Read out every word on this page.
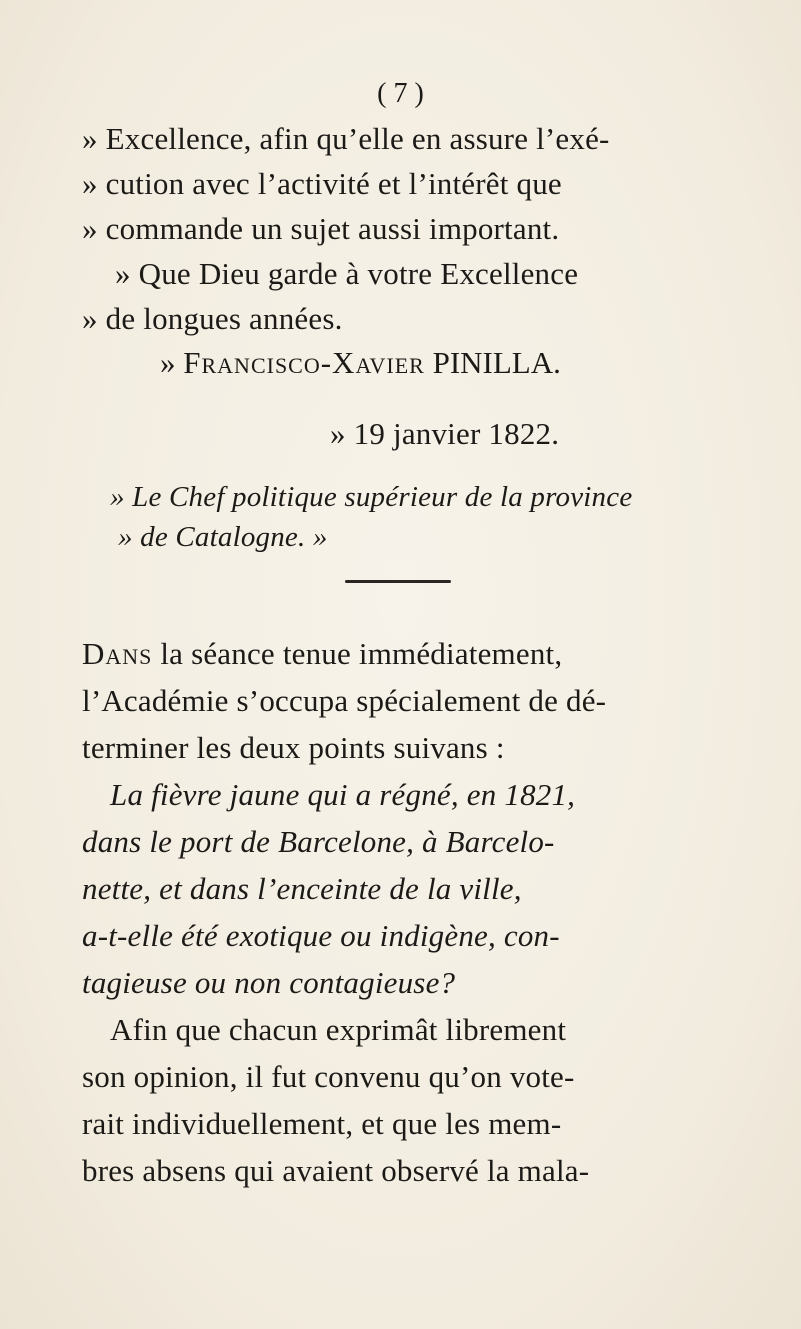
( 7 )
» Excellence, afin qu’elle en assure l’exé-
» cution avec l’activité et l’intérêt que
» commande un sujet aussi important.
» Que Dieu garde à votre Excellence
» de longues années.
» Francisco-Xavier PINILLA.
» 19 janvier 1822.
» Le Chef politique supérieur de la province
» de Catalogne. »
Dans la séance tenue immédiatement,
l’Académie s’occupa spécialement de dé-
terminer les deux points suivans :
La fièvre jaune qui a régné, en 1821,
dans le port de Barcelone, à Barcelo-
nette, et dans l’enceinte de la ville,
a-t-elle été exotique ou indigène, con-
tagieuse ou non contagieuse?
Afin que chacun exprimât librement
son opinion, il fut convenu qu’on vote-
rait individuellement, et que les mem-
bres absens qui avaient observé la mala-
